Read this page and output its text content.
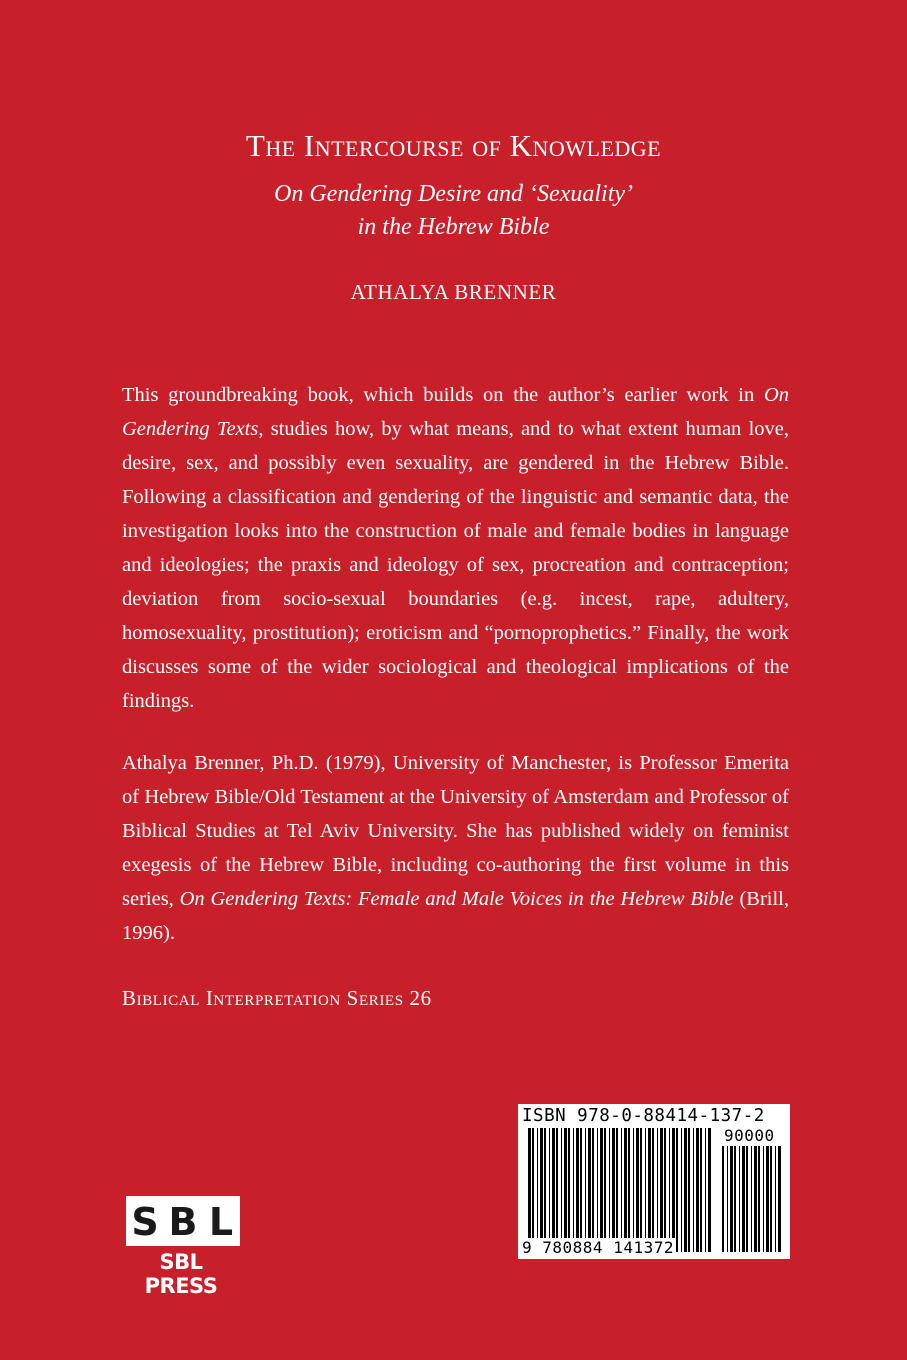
The Intercourse of Knowledge
On Gendering Desire and ‘Sexuality’
in the Hebrew Bible
ATHALYA BRENNER

This groundbreaking book, which builds on the author’s earlier work in On Gendering Texts, studies how, by what means, and to what extent human love, desire, sex, and possibly even sexuality, are gendered in the Hebrew Bible. Following a classification and gendering of the linguistic and semantic data, the investigation looks into the construction of male and female bodies in language and ideologies; the praxis and ideology of sex, procreation and contraception; deviation from socio-sexual boundaries (e.g. incest, rape, adultery, homosexuality, prostitution); eroticism and “pornoprophetics.” Finally, the work discusses some of the wider sociological and theological implications of the findings.

Athalya Brenner, Ph.D. (1979), University of Manchester, is Professor Emerita of Hebrew Bible/Old Testament at the University of Amsterdam and Professor of Biblical Studies at Tel Aviv University. She has published widely on feminist exegesis of the Hebrew Bible, including co-authoring the first volume in this series, On Gendering Texts: Female and Male Voices in the Hebrew Bible (Brill, 1996).

Biblical Interpretation Series 26
ISBN 978-0-88414-137-2
90000
9 780884 141372
S B L
SBL PRESS
